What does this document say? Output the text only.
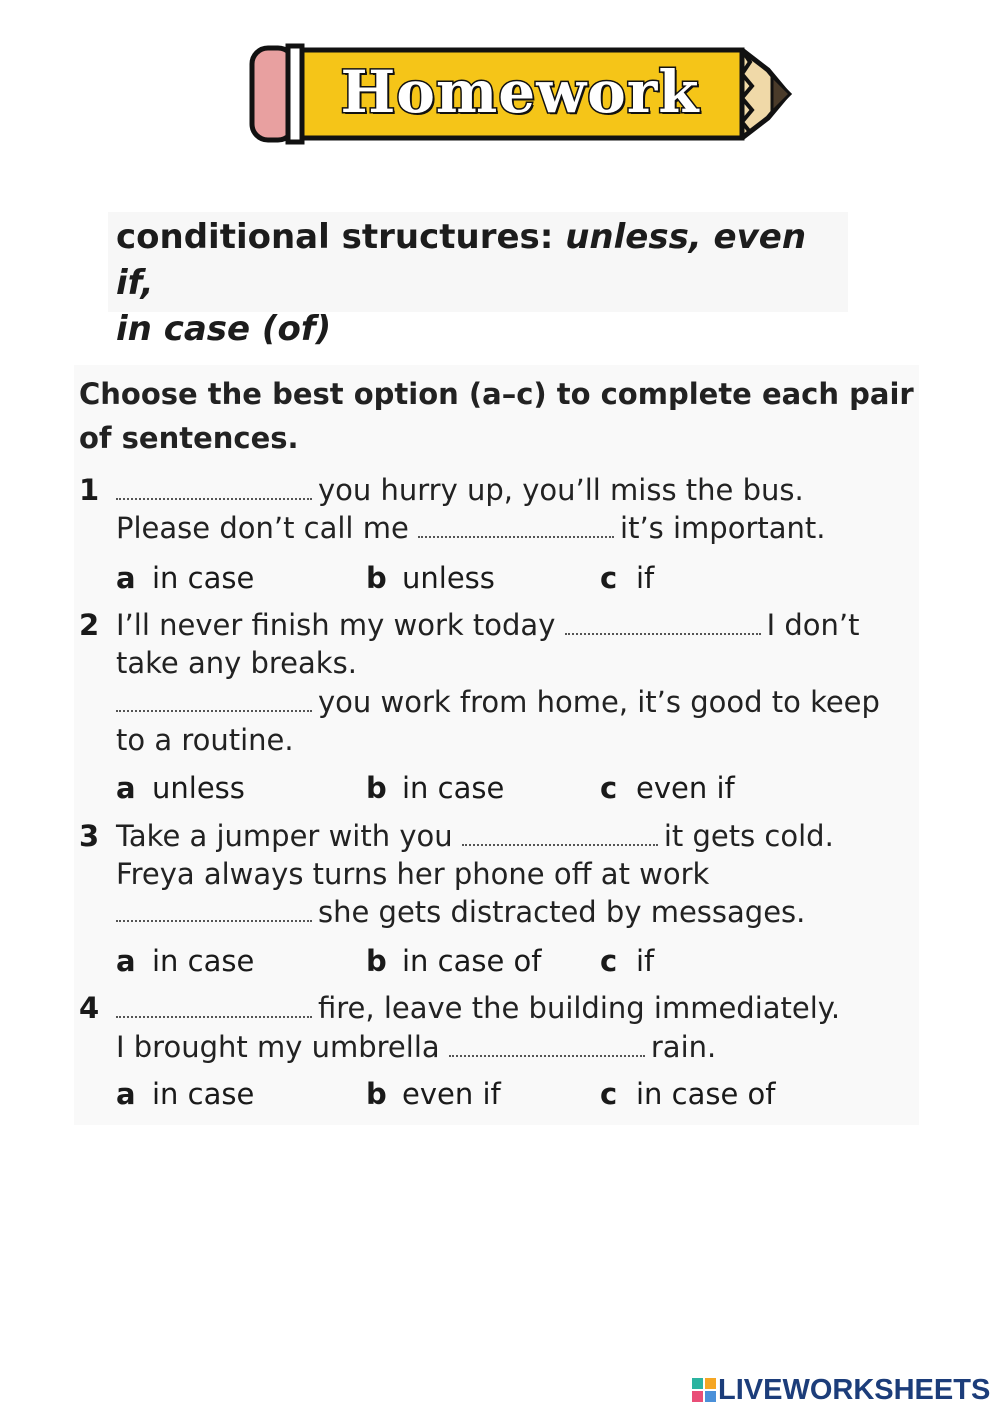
Homework
conditional structures: unless, even if,
in case (of)
Choose the best option (a–c) to complete each pair
of sentences.
1	you hurry up, you’ll miss the bus.
Please don’t call me	it’s important.
a in case	b unless	c if
2 I’ll never finish my work today	I don’t
take any breaks.
you work from home, it’s good to keep
to a routine.
a unless	b in case	c even if
3 Take a jumper with you	it gets cold.
Freya always turns her phone off at work
she gets distracted by messages.
a in case	b in case of c if
4	fire, leave the building immediately.
I brought my umbrella	rain.
a in case	b even if	c in case of
LIVEWORKSHEETS
